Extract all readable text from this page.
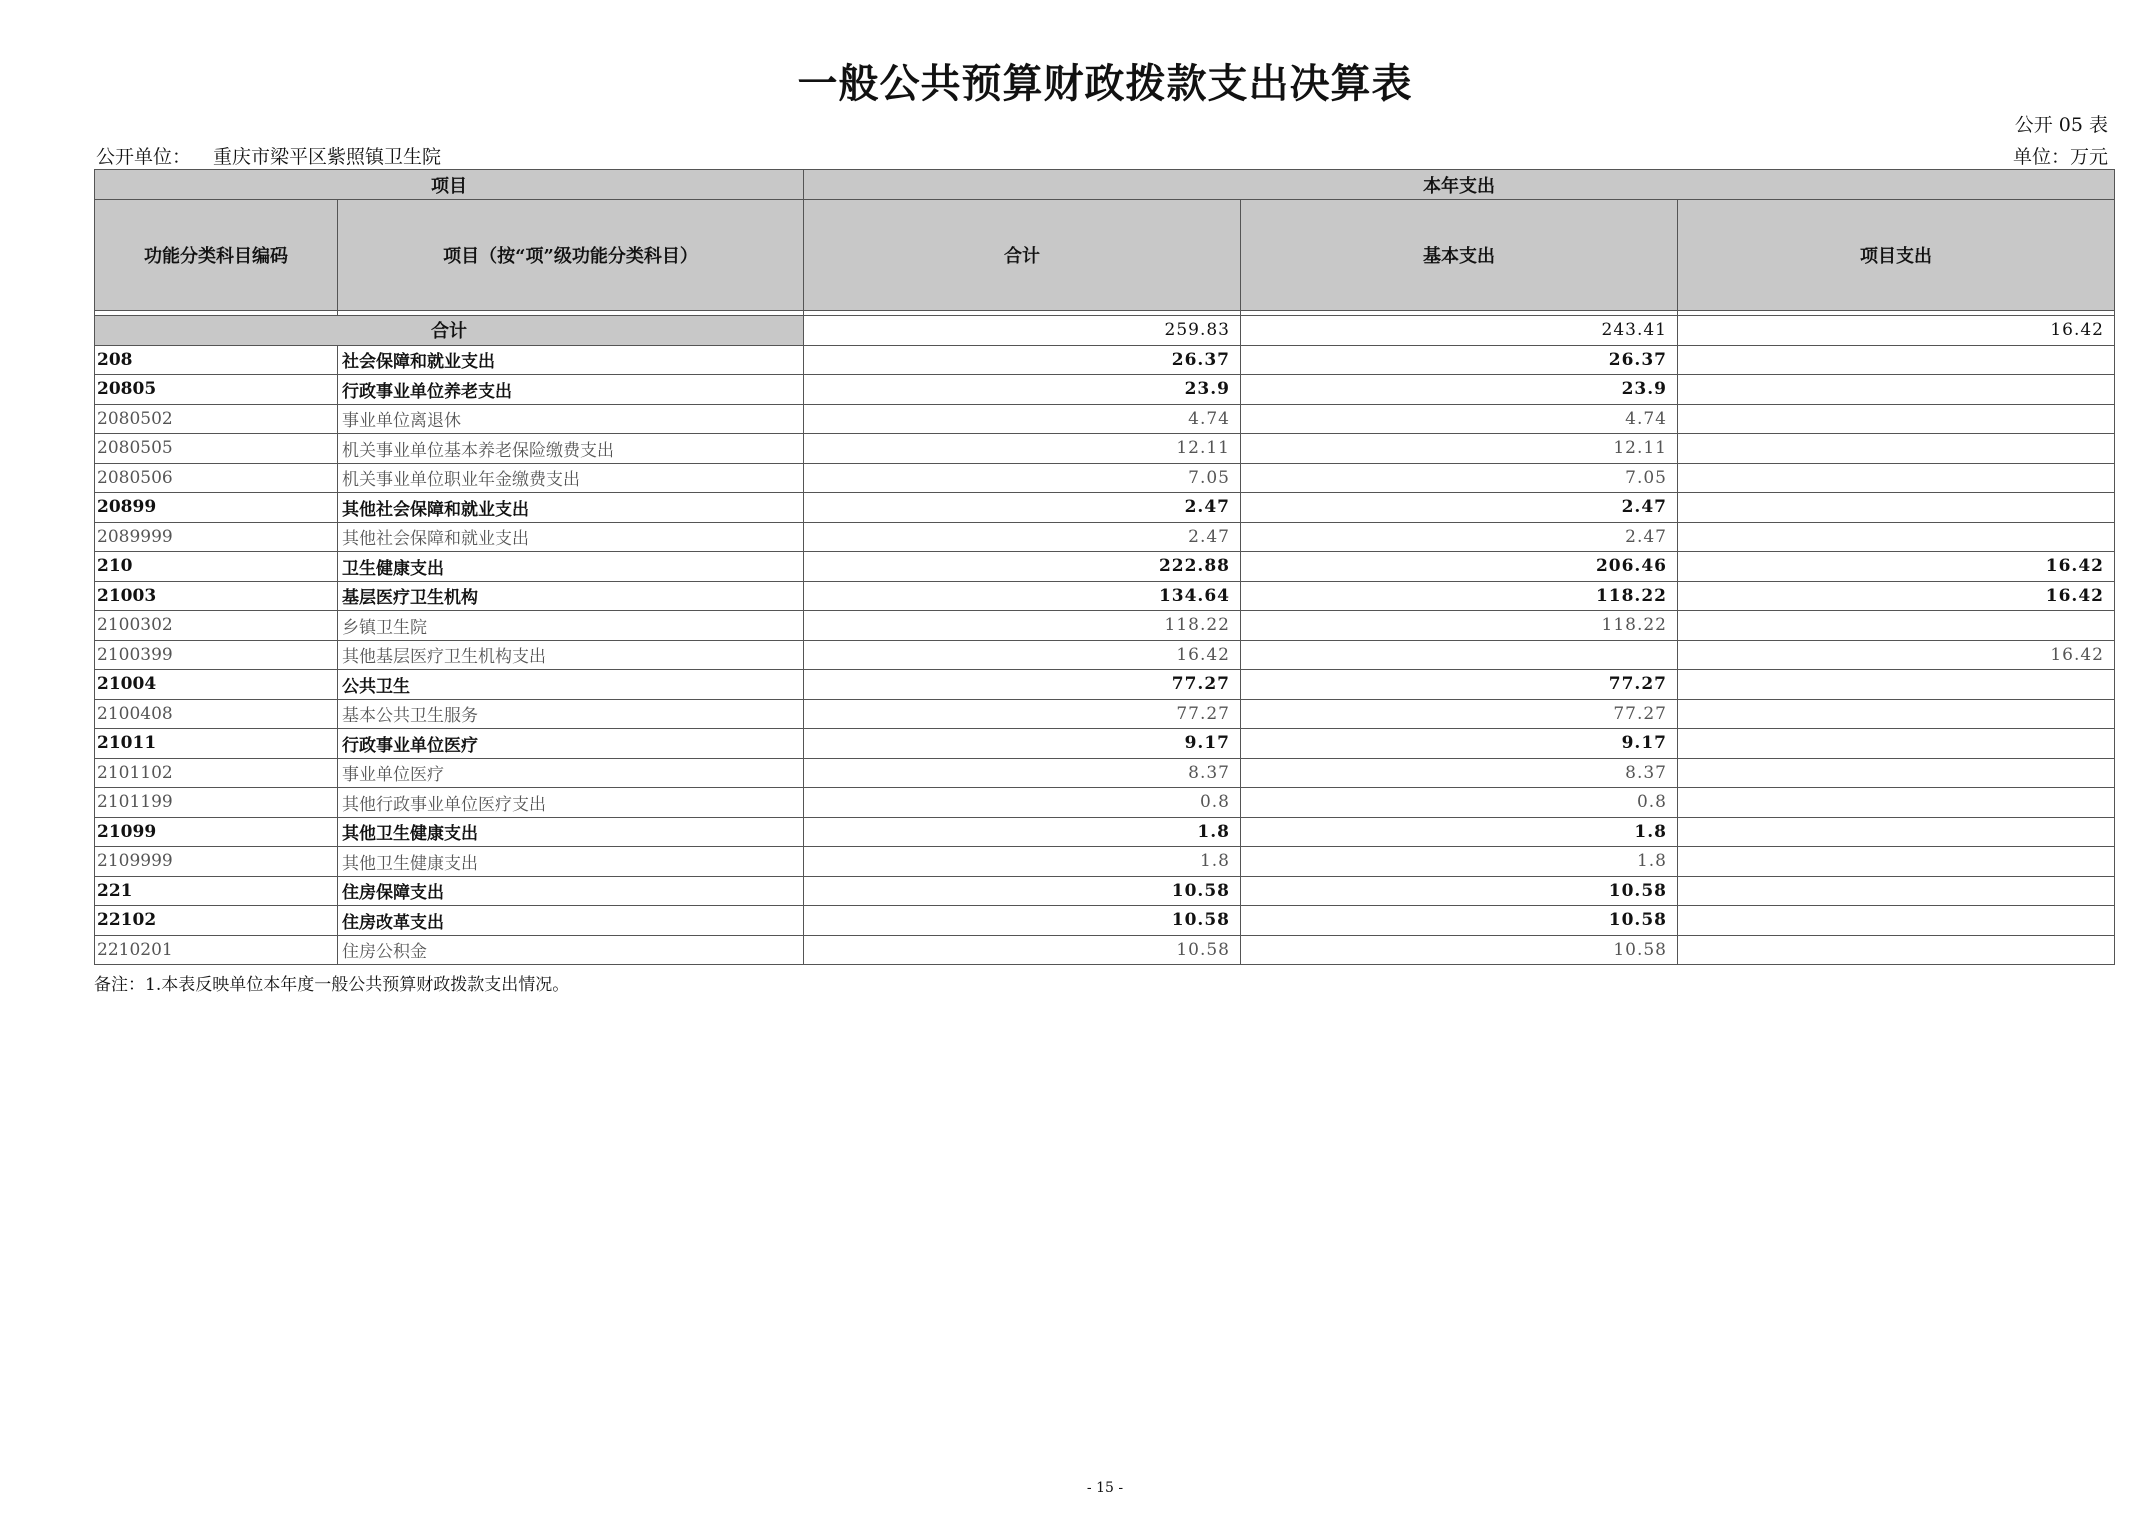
一般公共预算财政拨款支出决算表
公开 05 表
公开单位： 重庆市梁平区紫照镇卫生院	单位：万元
项目		本年支出		
功能分类科目编码	项目（按“项”级功能分类科目）	合计	基本支出	项目支出

合计		259.83	243.41	16.42
208	社会保障和就业支出	26.37	26.37	
20805	行政事业单位养老支出	23.9	23.9	
2080502	事业单位离退休	4.74	4.74	
2080505	机关事业单位基本养老保险缴费支出	12.11	12.11	
2080506	机关事业单位职业年金缴费支出	7.05	7.05	
20899	其他社会保障和就业支出	2.47	2.47	
2089999	其他社会保障和就业支出	2.47	2.47	
210	卫生健康支出	222.88	206.46	16.42
21003	基层医疗卫生机构	134.64	118.22	16.42
2100302	乡镇卫生院	118.22	118.22	
2100399	其他基层医疗卫生机构支出	16.42		16.42
21004	公共卫生	77.27	77.27	
2100408	基本公共卫生服务	77.27	77.27	
21011	行政事业单位医疗	9.17	9.17	
2101102	事业单位医疗	8.37	8.37	
2101199	其他行政事业单位医疗支出	0.8	0.8	
21099	其他卫生健康支出	1.8	1.8	
2109999	其他卫生健康支出	1.8	1.8	
221	住房保障支出	10.58	10.58	
22102	住房改革支出	10.58	10.58	
2210201	住房公积金	10.58	10.58	
备注：1.本表反映单位本年度一般公共预算财政拨款支出情况。
- 15 -
